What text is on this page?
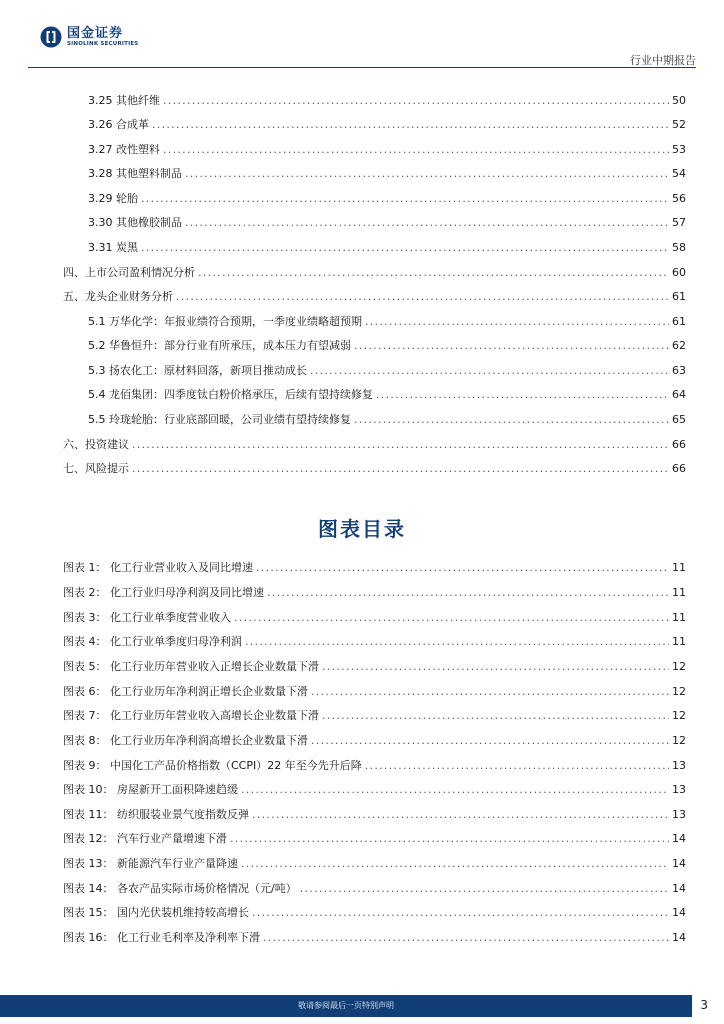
国金证券
SINOLINK SECURITIES
行业中期报告
3.25 其他纤维 .....	50
3.26 合成革 .....	52
3.27 改性塑料 .....	53
3.28 其他塑料制品 .....	54
3.29 轮胎 .....	56
3.30 其他橡胶制品 .....	57
3.31 炭黑 .....	58
四、上市公司盈利情况分析 .....	60
五、龙头企业财务分析 .....	61
5.1 万华化学：年报业绩符合预期，一季度业绩略超预期 .....	61
5.2 华鲁恒升：部分行业有所承压，成本压力有望减弱 .....	62
5.3 扬农化工：原材料回落，新项目推动成长 .....	63
5.4 龙佰集团：四季度钛白粉价格承压，后续有望持续修复 .....	64
5.5 玲珑轮胎：行业底部回暖，公司业绩有望持续修复 .....	65
六、投资建议 .....	66
七、风险提示 .....	66
图表目录
图表 1： 化工行业营业收入及同比增速 .....	11
图表 2： 化工行业归母净利润及同比增速 .....	11
图表 3： 化工行业单季度营业收入 .....	11
图表 4： 化工行业单季度归母净利润 .....	11
图表 5： 化工行业历年营业收入正增长企业数量下滑 .....	12
图表 6： 化工行业历年净利润正增长企业数量下滑 .....	12
图表 7： 化工行业历年营业收入高增长企业数量下滑 .....	12
图表 8： 化工行业历年净利润高增长企业数量下滑 .....	12
图表 9： 中国化工产品价格指数（CCPI）22 年至今先升后降 .....	13
图表 10： 房屋新开工面积降速趋缓 .....	13
图表 11： 纺织服装业景气度指数反弹 .....	13
图表 12： 汽车行业产量增速下滑 .....	14
图表 13： 新能源汽车行业产量降速 .....	14
图表 14： 各农产品实际市场价格情况（元/吨） .....	14
图表 15： 国内光伏装机维持较高增长 .....	14
图表 16： 化工行业毛利率及净利率下滑 .....	14
敬请参阅最后一页特别声明	3
